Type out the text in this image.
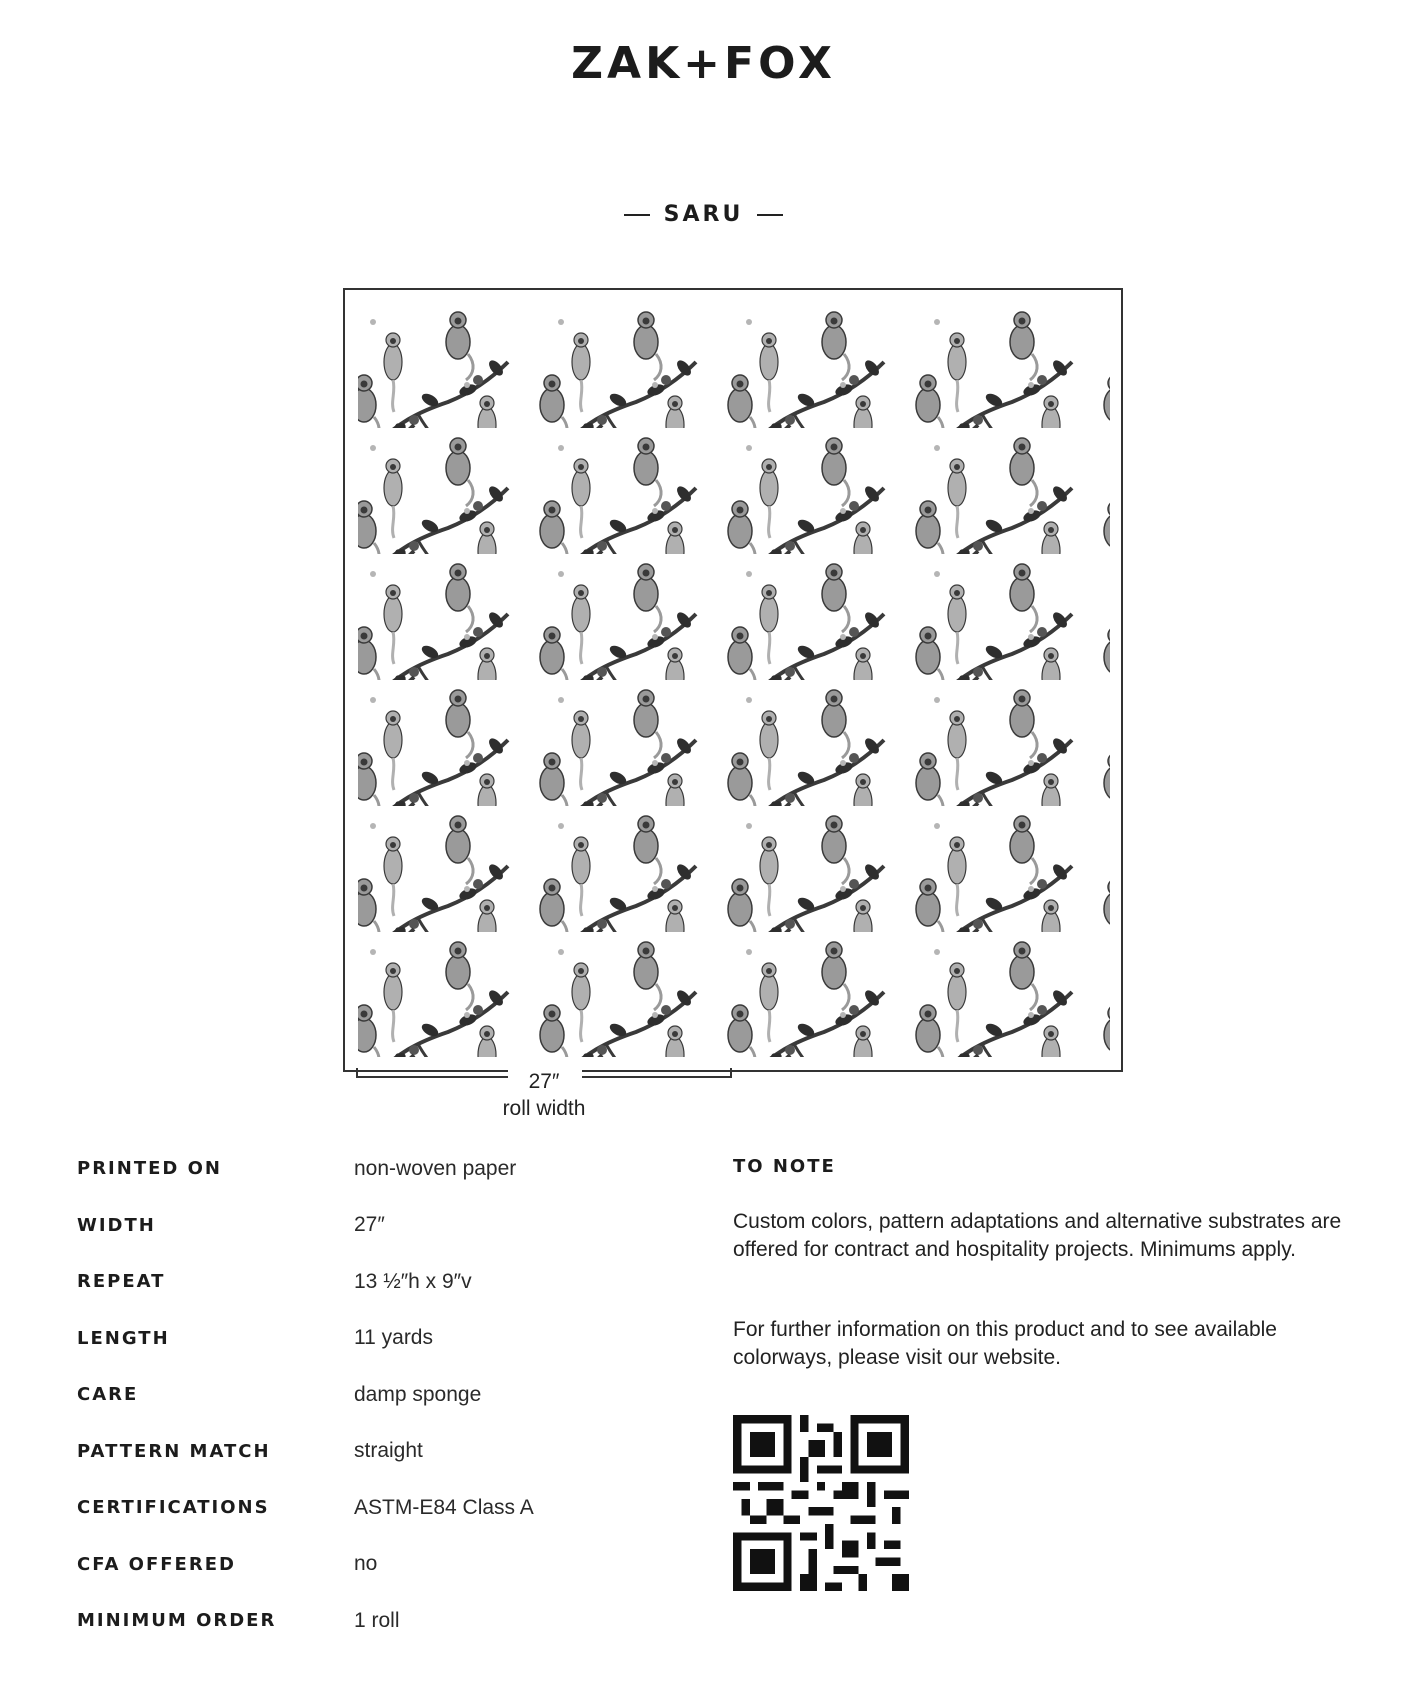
ZAK+FOX
SARU
27″
roll width
PRINTED ON	non-woven paper
WIDTH	27″
REPEAT	13 ½″h x 9″v
LENGTH	11 yards
CARE	damp sponge
PATTERN MATCH	straight
CERTIFICATIONS	ASTM-E84 Class A
CFA OFFERED	no
MINIMUM ORDER	1 roll
TO NOTE
Custom colors, pattern adaptations and alternative substrates are offered for contract and hospitality projects. Minimums apply.
For further information on this product and to see available colorways, please visit our website.
